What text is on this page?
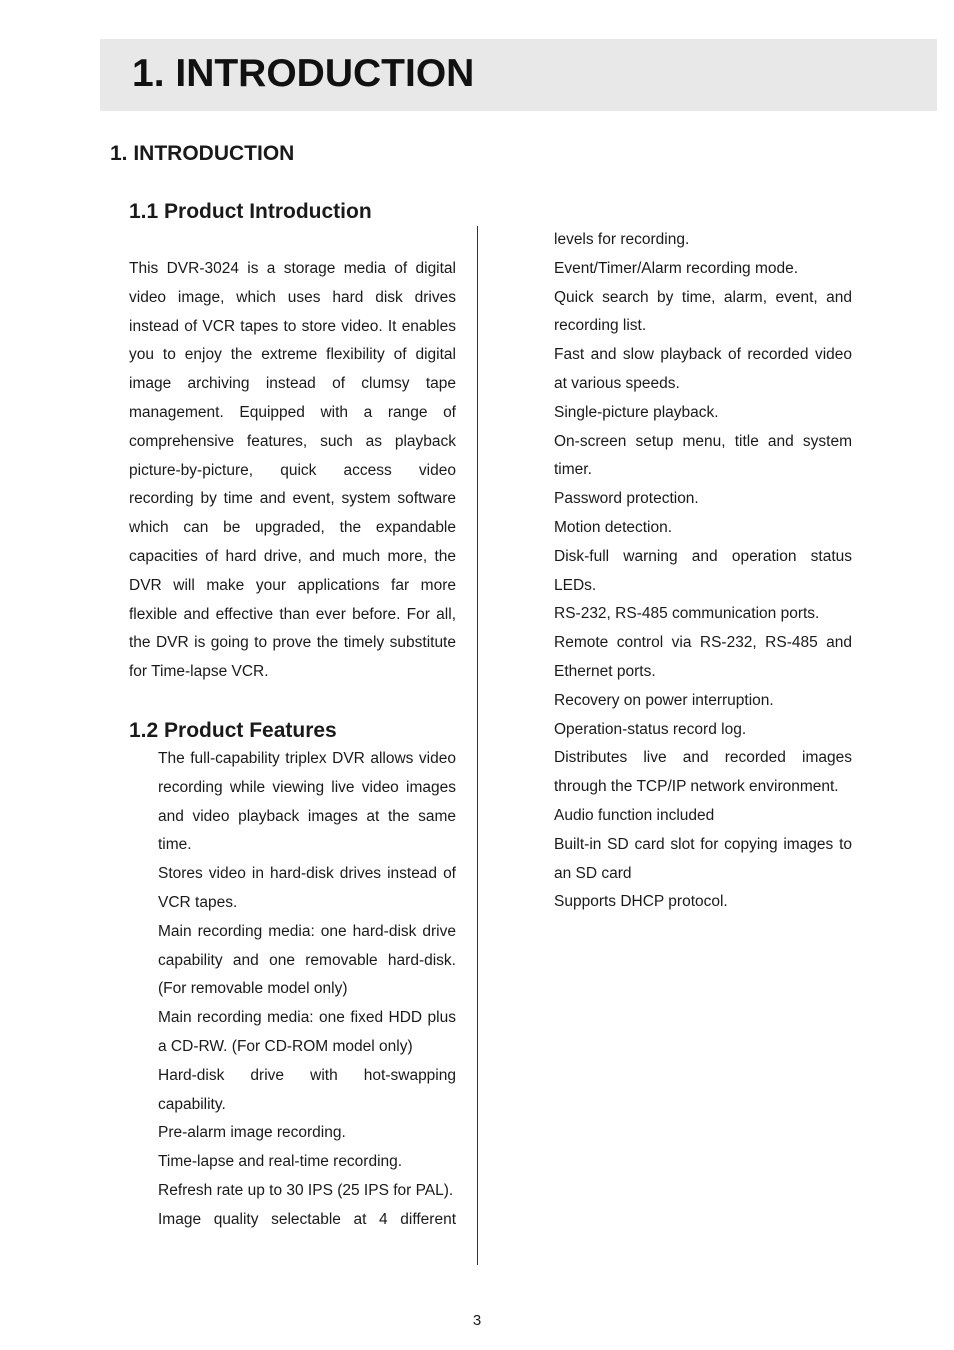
1. INTRODUCTION
1. INTRODUCTION
1.1 Product Introduction

This DVR-3024 is a storage media of digital video image, which uses hard disk drives instead of VCR tapes to store video. It enables you to enjoy the extreme flexibility of digital image archiving instead of clumsy tape management. Equipped with a range of comprehensive features, such as playback picture-by-picture, quick access video recording by time and event, system software which can be upgraded, the expandable capacities of hard drive, and much more, the DVR will make your applications far more flexible and effective than ever before. For all, the DVR is going to prove the timely substitute for Time-lapse VCR.

1.2 Product Features
The full-capability triplex DVR allows video recording while viewing live video images and video playback images at the same time.
Stores video in hard-disk drives instead of VCR tapes.
Main recording media: one hard-disk drive capability and one removable hard-disk. (For removable model only)
Main recording media: one fixed HDD plus a CD-RW. (For CD-ROM model only)
Hard-disk drive with hot-swapping capability.
Pre-alarm image recording.
Time-lapse and real-time recording.
Refresh rate up to 30 IPS (25 IPS for PAL).
Image quality selectable at 4 different
levels for recording.
Event/Timer/Alarm recording mode.
Quick search by time, alarm, event, and recording list.
Fast and slow playback of recorded video at various speeds.
Single-picture playback.
On-screen setup menu, title and system timer.
Password protection.
Motion detection.
Disk-full warning and operation status LEDs.
RS-232, RS-485 communication ports.
Remote control via RS-232, RS-485 and Ethernet ports.
Recovery on power interruption.
Operation-status record log.
Distributes live and recorded images through the TCP/IP network environment.
Audio function included
Built-in SD card slot for copying images to an SD card
Supports DHCP protocol.
3
